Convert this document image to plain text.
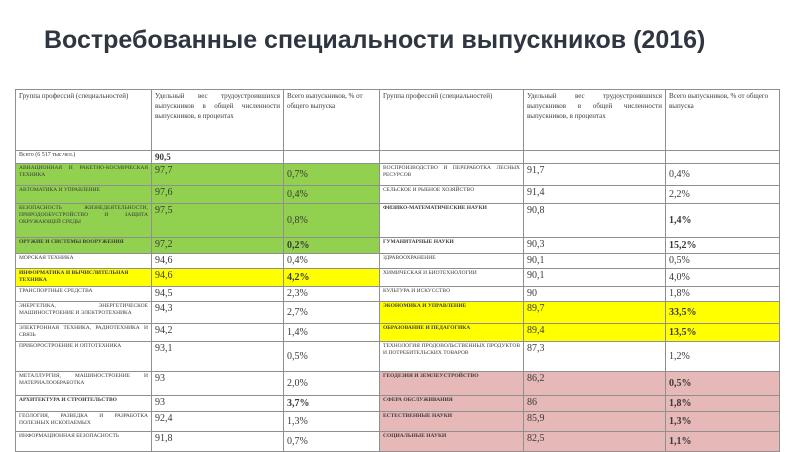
Востребованные специальности выпускников (2016)
Группа профессий (специальностей)	Удельный вес трудоустроившихся выпускников в общей численности выпускников, в процентах	Всего выпускников, % от общего выпуска	Группа профессий (специальностей)	Удельный вес трудоустроившихся выпускников в общей численности выпускников, в процентах	Всего выпускников, % от общего выпуска
Всего (6 517 тыс.чел.)	90,5				
АВИАЦИОННАЯ И РАКЕТНО-КОСМИЧЕСКАЯ ТЕХНИКА	97,7	0,7%	ВОСПРОИЗВОДСТВО И ПЕРЕРАБОТКА ЛЕСНЫХ РЕСУРСОВ	91,7	0,4%
АВТОМАТИКА И УПРАВЛЕНИЕ	97,6	0,4%	СЕЛЬСКОЕ И РЫБНОЕ ХОЗЯЙСТВО	91,4	2,2%
БЕЗОПАСНОСТЬ ЖИЗНЕДЕЯТЕЛЬНОСТИ, ПРИРОДООБУСТРОЙСТВО И ЗАЩИТА ОКРУЖАЮЩЕЙ СРЕДЫ	97,5	0,8%	ФИЗИКО-МАТЕМАТИЧЕСКИЕ НАУКИ	90,8	1,4%
ОРУЖИЕ И СИСТЕМЫ ВООРУЖЕНИЯ	97,2	0,2%	ГУМАНИТАРНЫЕ НАУКИ	90,3	15,2%
МОРСКАЯ ТЕХНИКА	94,6	0,4%	ЗДРАВООХРАНЕНИЕ	90,1	0,5%
ИНФОРМАТИКА И ВЫЧИСЛИТЕЛЬНАЯ ТЕХНИКА	94,6	4,2%	ХИМИЧЕСКАЯ И БИОТЕХНОЛОГИИ	90,1	4,0%
ТРАНСПОРТНЫЕ СРЕДСТВА	94,5	2,3%	КУЛЬТУРА И ИСКУССТВО	90	1,8%
ЭНЕРГЕТИКА, ЭНЕРГЕТИЧЕСКОЕ МАШИНОСТРОЕНИЕ И ЭЛЕКТРОТЕХНИКА	94,3	2,7%	ЭКОНОМИКА И УПРАВЛЕНИЕ	89,7	33,5%
ЭЛЕКТРОННАЯ ТЕХНИКА, РАДИОТЕХНИКА И СВЯЗЬ	94,2	1,4%	ОБРАЗОВАНИЕ И ПЕДАГОГИКА	89,4	13,5%
ПРИБОРОСТРОЕНИЕ И ОПТОТЕХНИКА	93,1	0,5%	ТЕХНОЛОГИЯ ПРОДОВОЛЬСТВЕННЫХ ПРОДУКТОВ И ПОТРЕБИТЕЛЬСКИХ ТОВАРОВ	87,3	1,2%
МЕТАЛЛУРГИЯ, МАШИНОСТРОЕНИЕ И МАТЕРИАЛООБРАБОТКА	93	2,0%	ГЕОДЕЗИЯ И ЗЕМЛЕУСТРОЙСТВО	86,2	0,5%
АРХИТЕКТУРА И СТРОИТЕЛЬСТВО	93	3,7%	СФЕРА ОБСЛУЖИВАНИЯ	86	1,8%
ГЕОЛОГИЯ, РАЗВЕДКА И РАЗРАБОТКА ПОЛЕЗНЫХ ИСКОПАЕМЫХ	92,4	1,3%	ЕСТЕСТВЕННЫЕ НАУКИ	85,9	1,3%
ИНФОРМАЦИОННАЯ БЕЗОПАСНОСТЬ	91,8	0,7%	СОЦИАЛЬНЫЕ НАУКИ	82,5	1,1%
